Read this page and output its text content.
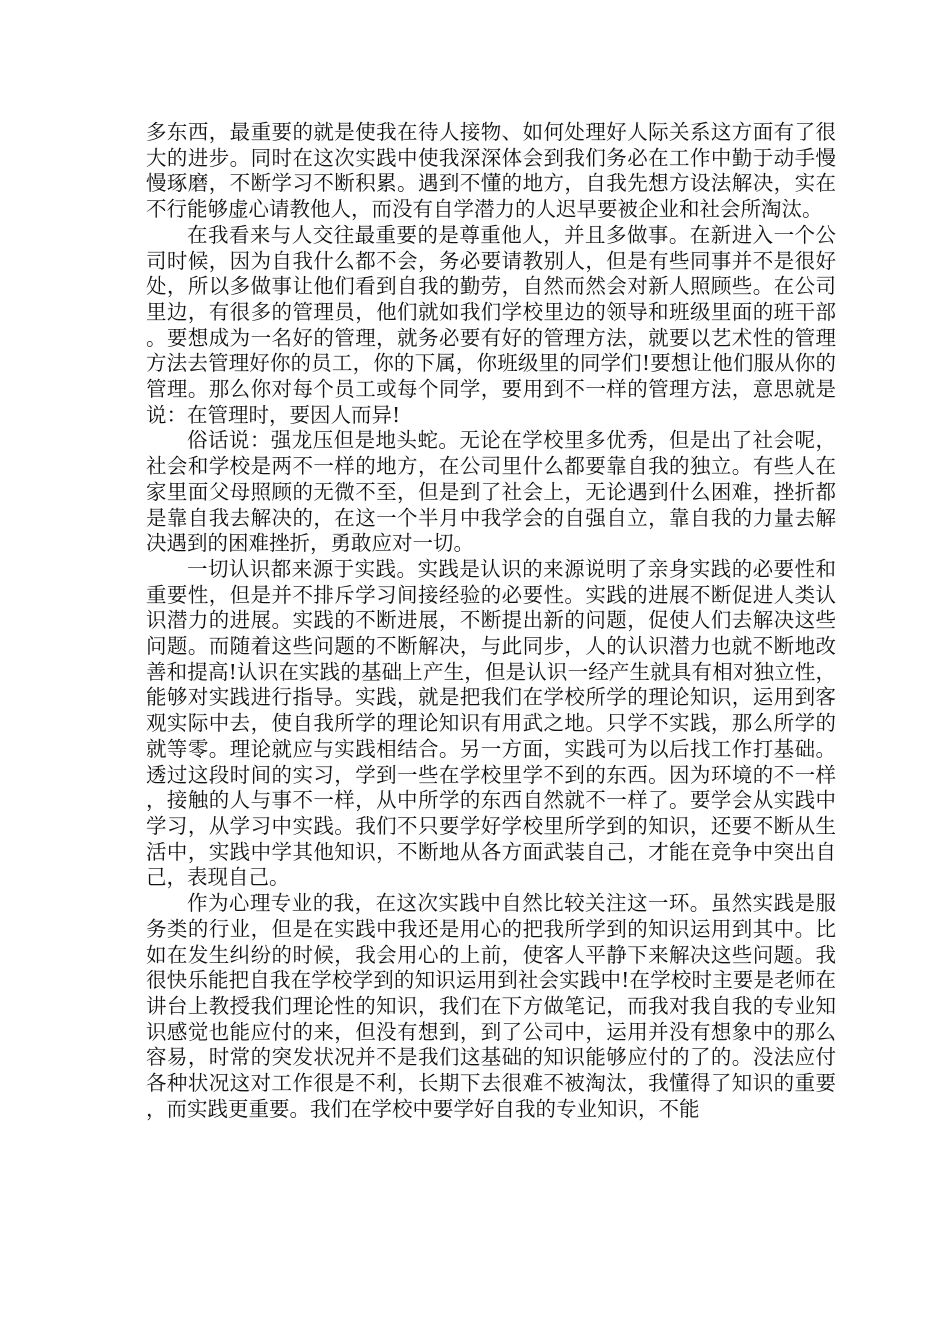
多东西，最重要的就是使我在待人接物、如何处理好人际关系这方面有了很大的进步。同时在这次实践中使我深深体会到我们务必在工作中勤于动手慢慢琢磨，不断学习不断积累。遇到不懂的地方，自我先想方设法解决，实在不行能够虚心请教他人，而没有自学潜力的人迟早要被企业和社会所淘汰。

在我看来与人交往最重要的是尊重他人，并且多做事。在新进入一个公司时候，因为自我什么都不会，务必要请教别人，但是有些同事并不是很好处，所以多做事让他们看到自我的勤劳，自然而然会对新人照顾些。在公司里边，有很多的管理员，他们就如我们学校里边的领导和班级里面的班干部。要想成为一名好的管理，就务必要有好的管理方法，就要以艺术性的管理方法去管理好你的员工，你的下属，你班级里的同学们!要想让他们服从你的管理。那么你对每个员工或每个同学，要用到不一样的管理方法，意思就是说：在管理时，要因人而异!

俗话说：强龙压但是地头蛇。无论在学校里多优秀，但是出了社会呢，社会和学校是两不一样的地方，在公司里什么都要靠自我的独立。有些人在家里面父母照顾的无微不至，但是到了社会上，无论遇到什么困难，挫折都是靠自我去解决的，在这一个半月中我学会的自强自立，靠自我的力量去解决遇到的困难挫折，勇敢应对一切。

一切认识都来源于实践。实践是认识的来源说明了亲身实践的必要性和重要性，但是并不排斥学习间接经验的必要性。实践的进展不断促进人类认识潜力的进展。实践的不断进展，不断提出新的问题，促使人们去解决这些问题。而随着这些问题的不断解决，与此同步，人的认识潜力也就不断地改善和提高!认识在实践的基础上产生，但是认识一经产生就具有相对独立性，能够对实践进行指导。实践，就是把我们在学校所学的理论知识，运用到客观实际中去，使自我所学的理论知识有用武之地。只学不实践，那么所学的就等零。理论就应与实践相结合。另一方面，实践可为以后找工作打基础。透过这段时间的实习，学到一些在学校里学不到的东西。因为环境的不一样，接触的人与事不一样，从中所学的东西自然就不一样了。要学会从实践中学习，从学习中实践。我们不只要学好学校里所学到的知识，还要不断从生活中，实践中学其他知识，不断地从各方面武装自己，才能在竞争中突出自己，表现自己。

作为心理专业的我，在这次实践中自然比较关注这一环。虽然实践是服务类的行业，但是在实践中我还是用心的把我所学到的知识运用到其中。比如在发生纠纷的时候，我会用心的上前，使客人平静下来解决这些问题。我很快乐能把自我在学校学到的知识运用到社会实践中!在学校时主要是老师在讲台上教授我们理论性的知识，我们在下方做笔记，而我对我自我的专业知识感觉也能应付的来，但没有想到，到了公司中，运用并没有想象中的那么容易，时常的突发状况并不是我们这基础的知识能够应付的了的。没法应付各种状况这对工作很是不利，长期下去很难不被淘汰，我懂得了知识的重要，而实践更重要。我们在学校中要学好自我的专业知识，不能
